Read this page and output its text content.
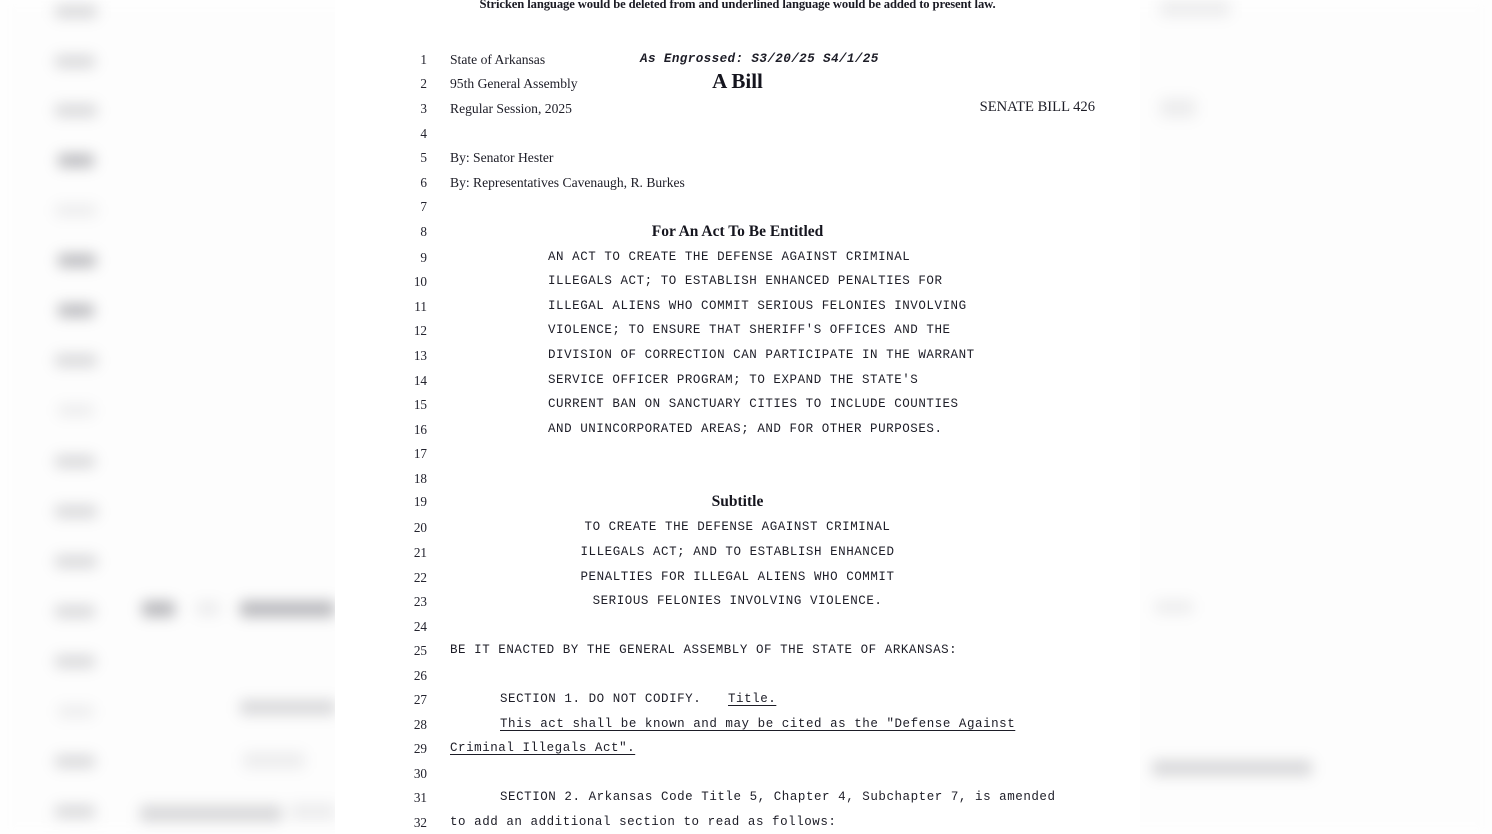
Stricken language would be deleted from and underlined language would be added to present law.
1 State of Arkansas	As Engrossed: S3/20/25 S4/1/25
2 95th General Assembly	A Bill
3 Regular Session, 2025	SENATE BILL 426
4
5 By: Senator Hester
6 By: Representatives Cavenaugh, R. Burkes
7
8	For An Act To Be Entitled
9	AN ACT TO CREATE THE DEFENSE AGAINST CRIMINAL
10	ILLEGALS ACT; TO ESTABLISH ENHANCED PENALTIES FOR
11	ILLEGAL ALIENS WHO COMMIT SERIOUS FELONIES INVOLVING
12	VIOLENCE; TO ENSURE THAT SHERIFF'S OFFICES AND THE
13	DIVISION OF CORRECTION CAN PARTICIPATE IN THE WARRANT
14	SERVICE OFFICER PROGRAM; TO EXPAND THE STATE'S
15	CURRENT BAN ON SANCTUARY CITIES TO INCLUDE COUNTIES
16	AND UNINCORPORATED AREAS; AND FOR OTHER PURPOSES.
17
18
19	Subtitle
20	TO CREATE THE DEFENSE AGAINST CRIMINAL
21	ILLEGALS ACT; AND TO ESTABLISH ENHANCED
22	PENALTIES FOR ILLEGAL ALIENS WHO COMMIT
23	SERIOUS FELONIES INVOLVING VIOLENCE.
24
25 BE IT ENACTED BY THE GENERAL ASSEMBLY OF THE STATE OF ARKANSAS:
26
27	SECTION 1. DO NOT CODIFY. Title.
28	This act shall be known and may be cited as the "Defense Against
29 Criminal Illegals Act".
30
31	SECTION 2. Arkansas Code Title 5, Chapter 4, Subchapter 7, is amended
32 to add an additional section to read as follows:
